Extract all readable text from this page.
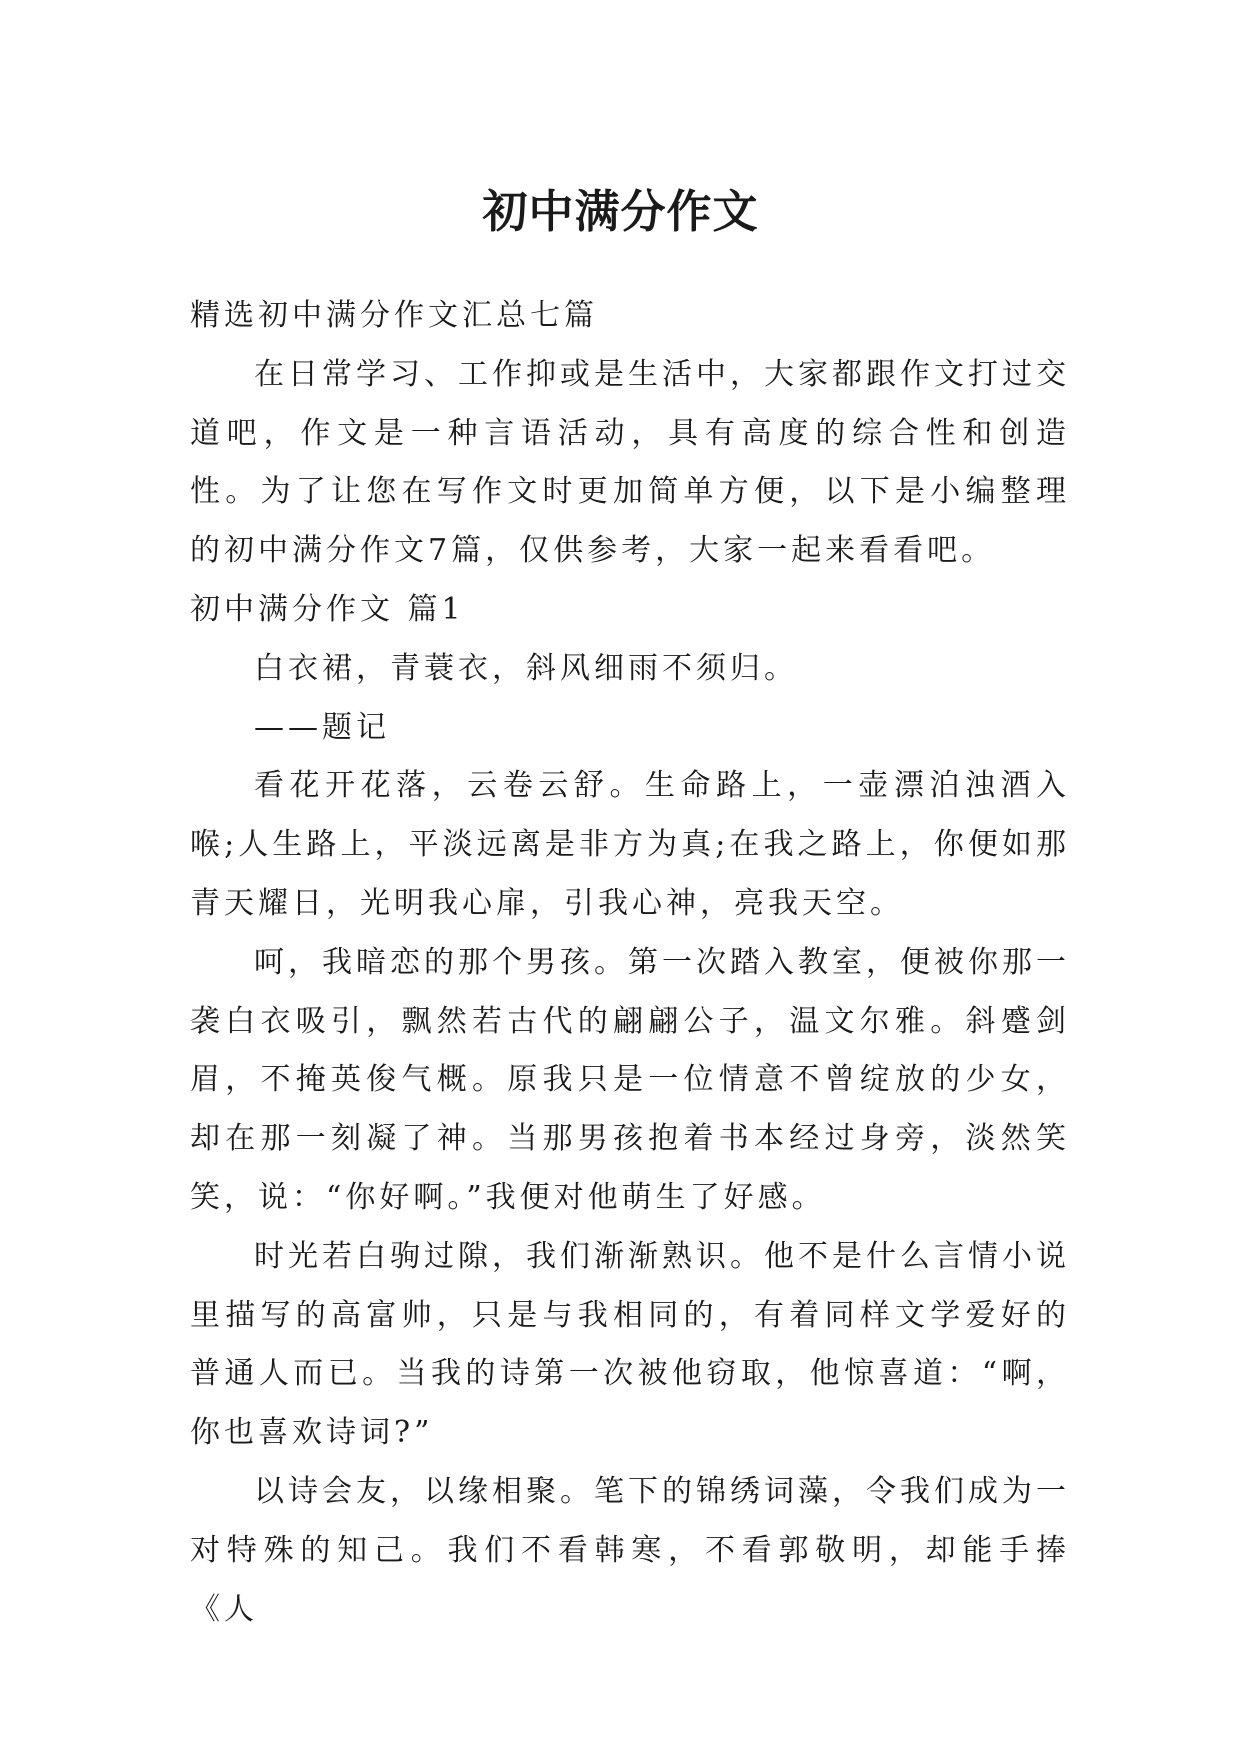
初中满分作文

精选初中满分作文汇总七篇

在日常学习、工作抑或是生活中，大家都跟作文打过交道吧，作文是一种言语活动，具有高度的综合性和创造性。为了让您在写作文时更加简单方便，以下是小编整理的初中满分作文7篇，仅供参考，大家一起来看看吧。

初中满分作文 篇1

白衣裙，青蓑衣，斜风细雨不须归。

——题记

看花开花落，云卷云舒。生命路上，一壶漂泊浊酒入喉;人生路上，平淡远离是非方为真;在我之路上，你便如那青天耀日，光明我心扉，引我心神，亮我天空。

呵，我暗恋的那个男孩。第一次踏入教室，便被你那一袭白衣吸引，飘然若古代的翩翩公子，温文尔雅。斜蹙剑眉，不掩英俊气概。原我只是一位情意不曾绽放的少女，却在那一刻凝了神。当那男孩抱着书本经过身旁，淡然笑笑，说：“你好啊。”我便对他萌生了好感。

时光若白驹过隙，我们渐渐熟识。他不是什么言情小说里描写的高富帅，只是与我相同的，有着同样文学爱好的普通人而已。当我的诗第一次被他窃取，他惊喜道：“啊，你也喜欢诗词?”

以诗会友，以缘相聚。笔下的锦绣词藻，令我们成为一对特殊的知己。我们不看韩寒，不看郭敬明，却能手捧《人
